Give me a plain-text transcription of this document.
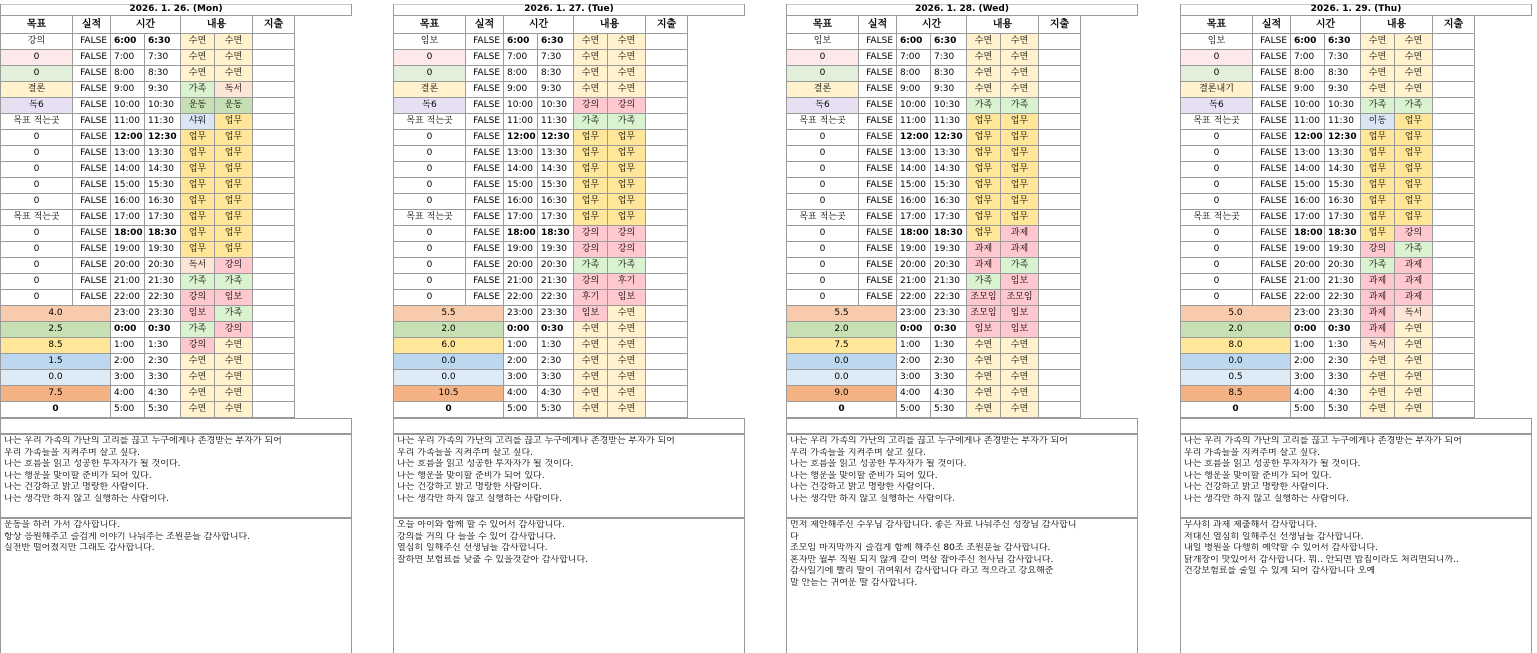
2026. 1. 26. (Mon)
목표	실적	시간	내용	지출
강의	FALSE 6:00	6:30	수면	수면
0	FALSE 7:00	7:30	수면	수면
0	FALSE 8:00	8:30	수면	수면
결론	FALSE 9:00	9:30	가족	독서
독6	FALSE 10:00 10:30	운동	운동
목표 적는곳	FALSE 11:00 11:30	샤워	업무
0	FALSE 12:00 12:30	업무	업무
0	FALSE 13:00 13:30	업무	업무
0	FALSE 14:00 14:30	업무	업무
0	FALSE 15:00 15:30	업무	업무
0	FALSE 16:00 16:30	업무	업무
목표 적는곳	FALSE 17:00 17:30	업무	업무
0	FALSE 18:00 18:30	업무	업무
0	FALSE 19:00 19:30	업무	업무
0	FALSE 20:00 20:30	독서	강의
0	FALSE 21:00 21:30	가족	가족
0	FALSE 22:00 22:30	강의	임보
4.0	23:00 23:30	임보	가족
2.5	0:00	0:30	가족	강의
8.5	1:00	1:30	강의	수면
1.5	2:00	2:30	수면	수면
0.0	3:00	3:30	수면	수면
7.5	4:00	4:30	수면	수면
0	5:00	5:30	수면	수면
나는 우리 가족의 가난의 고리를 끊고 누구에게나 존경받는 부자가 되어
우리 가족들을 지켜주며 살고 싶다.
나는 흐름을 읽고 성공한 투자자가 될 것이다.
나는 행운을 맞이할 준비가 되어 있다.
나는 건강하고 밝고 명랑한 사람이다.
나는 생각만 하지 않고 실행하는 사람이다.
운동을 하러 가서 감사합니다.
항상 응원해주고 즐겁게 이야기 나눠주는 조원분들 감사합니다.
실전반 떨어졌지만 그래도 감사합니다.
2026. 1. 27. (Tue)
목표	실적	시간	내용	지출
임보	FALSE 6:00	6:30	수면	수면
0	FALSE 7:00	7:30	수면	수면
0	FALSE 8:00	8:30	수면	수면
결론	FALSE 9:00	9:30	수면	수면
독6	FALSE 10:00 10:30	강의	강의
목표 적는곳	FALSE 11:00 11:30	가족	가족
0	FALSE 12:00 12:30	업무	업무
0	FALSE 13:00 13:30	업무	업무
0	FALSE 14:00 14:30	업무	업무
0	FALSE 15:00 15:30	업무	업무
0	FALSE 16:00 16:30	업무	업무
목표 적는곳	FALSE 17:00 17:30	업무	업무
0	FALSE 18:00 18:30	강의	강의
0	FALSE 19:00 19:30	강의	강의
0	FALSE 20:00 20:30	가족	가족
0	FALSE 21:00 21:30	강의	후기
0	FALSE 22:00 22:30	후기	임보
5.5	23:00 23:30	임보	수면
2.0	0:00	0:30	수면	수면
6.0	1:00	1:30	수면	수면
0.0	2:00	2:30	수면	수면
0.0	3:00	3:30	수면	수면
10.5	4:00	4:30	수면	수면
0	5:00	5:30	수면	수면
나는 우리 가족의 가난의 고리를 끊고 누구에게나 존경받는 부자가 되어
우리 가족들을 지켜주며 살고 싶다.
나는 흐름을 읽고 성공한 투자자가 될 것이다.
나는 행운을 맞이할 준비가 되어 있다.
나는 건강하고 밝고 명랑한 사람이다.
나는 생각만 하지 않고 실행하는 사람이다.
오늘 아이와 함께 할 수 있어서 감사합니다.
강의를 거의 다 들을 수 있어 감사합니다.
열심히 일해주신 선생님들 감사합니다.
잘하면 보험료를 낮출 수 있을것같아 감사합니다.
2026. 1. 28. (Wed)
목표	실적	시간	내용	지출
임보	FALSE 6:00	6:30	수면	수면
0	FALSE 7:00	7:30	수면	수면
0	FALSE 8:00	8:30	수면	수면
결론	FALSE 9:00	9:30	수면	수면
독6	FALSE 10:00 10:30	가족	가족
목표 적는곳	FALSE 11:00 11:30	업무	업무
0	FALSE 12:00 12:30	업무	업무
0	FALSE 13:00 13:30	업무	업무
0	FALSE 14:00 14:30	업무	업무
0	FALSE 15:00 15:30	업무	업무
0	FALSE 16:00 16:30	업무	업무
목표 적는곳	FALSE 17:00 17:30	업무	업무
0	FALSE 18:00 18:30	업무	과제
0	FALSE 19:00 19:30	과제	과제
0	FALSE 20:00 20:30	과제	가족
0	FALSE 21:00 21:30	가족	임보
0	FALSE 22:00 22:30	조모임	조모임
5.5	23:00 23:30	조모임	임보
2.0	0:00	0:30	임보	임보
7.5	1:00	1:30	수면	수면
0.0	2:00	2:30	수면	수면
0.0	3:00	3:30	수면	수면
9.0	4:00	4:30	수면	수면
0	5:00	5:30	수면	수면
나는 우리 가족의 가난의 고리를 끊고 누구에게나 존경받는 부자가 되어
우리 가족들을 지켜주며 살고 싶다.
나는 흐름을 읽고 성공한 투자자가 될 것이다.
나는 행운을 맞이할 준비가 되어 있다.
나는 건강하고 밝고 명랑한 사람이다.
나는 생각만 하지 않고 실행하는 사람이다.
먼저 제안해주신 수우님 감사합니다. 좋은 자료 나눠주신 성장님 감사합니
다
조모임 마지막까지 즐겁게 함께 해주신 80조 조원분들 감사합니다.
혼자만 월부 직원 되지 않게 같이 멱살 잡아주신 천사님 감사합니다.
감사일기에 빨리 딸이 귀여워서 감사합니다 라고 적으라고 강요해준
말 안듣는 귀여운 딸 감사합니다.
2026. 1. 29. (Thu)
목표	실적	시간	내용	지출
임보	FALSE 6:00	6:30	수면	수면
0	FALSE 7:00	7:30	수면	수면
0	FALSE 8:00	8:30	수면	수면
결론내기	FALSE 9:00	9:30	수면	수면
독6	FALSE 10:00 10:30	가족	가족
목표 적는곳	FALSE 11:00 11:30	이동	업무
0	FALSE 12:00 12:30	업무	업무
0	FALSE 13:00 13:30	업무	업무
0	FALSE 14:00 14:30	업무	업무
0	FALSE 15:00 15:30	업무	업무
0	FALSE 16:00 16:30	업무	업무
목표 적는곳	FALSE 17:00 17:30	업무	업무
0	FALSE 18:00 18:30	업무	강의
0	FALSE 19:00 19:30	강의	가족
0	FALSE 20:00 20:30	가족	과제
0	FALSE 21:00 21:30	과제	과제
0	FALSE 22:00 22:30	과제	과제
5.0	23:00 23:30	과제	독서
2.0	0:00	0:30	과제	수면
8.0	1:00	1:30	독서	수면
0.0	2:00	2:30	수면	수면
0.5	3:00	3:30	수면	수면
8.5	4:00	4:30	수면	수면
0	5:00	5:30	수면	수면
나는 우리 가족의 가난의 고리를 끊고 누구에게나 존경받는 부자가 되어
우리 가족들을 지켜주며 살고 싶다.
나는 흐름을 읽고 성공한 투자자가 될 것이다.
나는 행운을 맞이할 준비가 되어 있다.
나는 건강하고 밝고 명랑한 사람이다.
나는 생각만 하지 않고 실행하는 사람이다.
무사히 과제 제출해서 감사합니다.
저대신 열심히 일해주신 선생님들 감사합니다.
내일 병원을 다행히 예약할 수 있어서 감사합니다.
닭개장이 맛있어서 감사합니다. 뭐.. 안되면 밥집이라도 처리면되니까..
건강보험료를 줄일 수 있게 되어 감사합니다 오예
